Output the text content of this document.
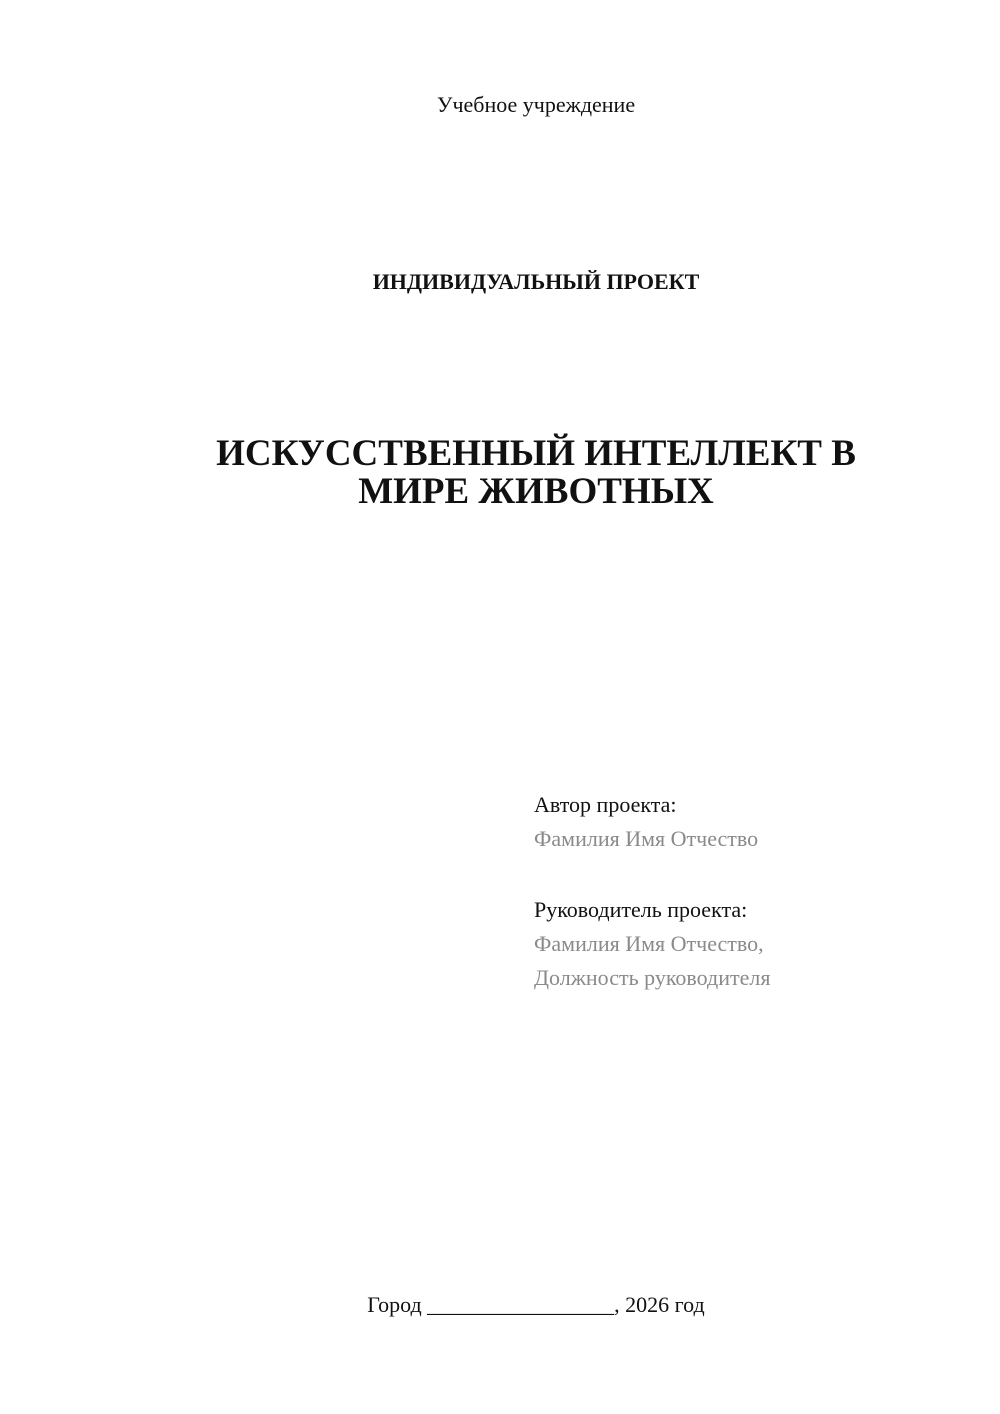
Учебное учреждение
ИНДИВИДУАЛЬНЫЙ ПРОЕКТ
ИСКУССТВЕННЫЙ ИНТЕЛЛЕКТ В
МИРЕ ЖИВОТНЫХ
Автор проекта:
Фамилия Имя Отчество
Руководитель проекта:
Фамилия Имя Отчество,
Должность руководителя
Город _________________, 2026 год
